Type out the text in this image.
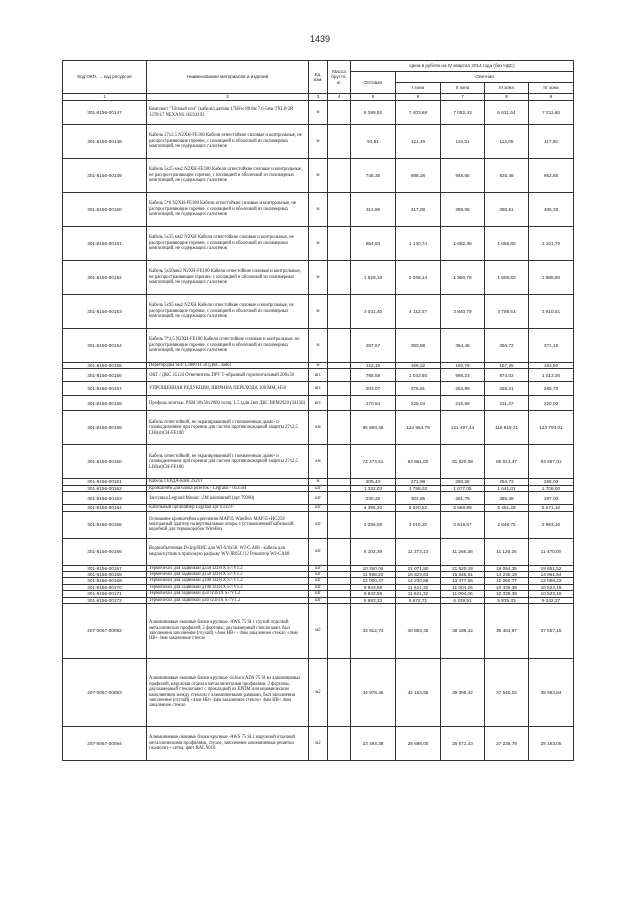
1439
Код ОКП, ... код ресурсов	Наименование материалов и изделий	Ед. изм.	Масса брутто, кг	Цена в рублях на IV квартал 2014 года (без НДС)				
				Оптовая	Сметная			
					I зона	II зона	III зона	IV зона
1	2	3	4	5	6	7	8	9
301-8156-00147	Комплект "Тёплый пол" (кабель) датчик 17BFw 80.8м 7.6-5мм TXLP/2R 1370/17 NEXANS 10224193	м		5 399,92	7 403,69	7 092,43	6 631,54	7 211,60
301-8156-00148	Кабель 27х2.5 N2XH-FE180 Кабели огнестойкие силовые и контрольные, не распространяющие горение, с изоляцией и оболочкой из полимерных композиций, не содержащих галогенов	м		93,91	121,49	115,31	112,05	117,60
301-8156-00149	Кабель 5х25 мм2 N2XH-FE180 Кабели огнестойкие силовые и контрольные, не распространяющие горение, с изоляцией и оболочкой из полимерных композиций, не содержащих галогенов	м		746,36	988,28	945,65	925,48	962,80
301-8156-00150	Кабель 5*6 N2XH-FE180 Кабели огнестойкие силовые и контрольные, не распространяющие горение, с изоляцией и оболочкой из полимерных композиций, не содержащих галогенов	м		314,86	417,09	399,06	390,51	406,30
301-8156-00151	Кабель 5х35 мм2 N2XH Кабели огнестойкие силовые и контрольные, не распространяющие горение, с изоляцией и оболочкой из полимерных композиций, не содержащих галогенов	м		854,93	1 130,74	1 082,36	1 058,80	1 101,70
301-8156-00152	Кабель 5х50мм2 N2XH-FE180 Кабели огнестойкие силовые и контрольные, не распространяющие горение, с изоляцией и оболочкой из полимерных композиций, не содержащих галогенов	м		1 529,18	2 038,14	1 950,79	1 908,83	1 985,80
301-8156-00153	Кабель 5х95 мм2 N2XH Кабели огнестойкие силовые и контрольные, не распространяющие горение, с изоляцией и оболочкой из полимерных композиций, не содержащих галогенов	м		3 031,40	4 112,37	3 840,79	3 759,51	3 910,51
301-8156-00154	Кабель 7*2,5 N2XH-FE180 Кабели огнестойкие силовые и контрольные, не распространяющие горение, с изоляцией и оболочкой из полимерных композиций, не содержащих галогенов	м		287,67	380,88	364,48	356,72	371,10
301-8156-00155	Перегородка SEP L3000 H 50 (ДКС 3ad6)	м		122,15	168,22	160,78	157,25	163,90
301-8156-00156	ОКГ / ДКС 35124 Ответвитель DPT Т-образный горизонтальный 200х50	шт.		785,59	1 043,60	995,23	974,02	1 013,30
301-8156-00157	УПРОЩЕННАЯ РЕДУКЦИЯ, ШИРИНА ПЕРЕХОДА 100 MM, H50	шт.		203,07	276,81	264,89	259,21	269,70
301-8156-00158	Профиль монтаж. PSM 30х50х2000 толщ. 1.5 (для 2мп ДКС BPM2920 (3413il)	шт.		170,54	225,04	216,69	211,47	220,00
301-8156-00159	Кабель огнестойкий, не экранированный с пониженным дымо- и газовыделением при горении для систем противопожарной защиты 27х2,5 LIH(st)CH-FE180	км		95 893,46	124 963,79	121 497,44	118 919,31	123 793,01
301-8156-00160	Кабель огнестойкий, не экранированный с пониженным дымо- и газовыделением при горении для систем противопожарной защиты 27х2,5 LIH(st)CH-FE180	км		72 473,51	93 951,00	91 820,08	89 813,47	93 487,01
301-8156-00161	Кабель ГЕРДА-КВК 2х2х1	м		205,43	271,98	260,28	254,73	265,00
301-8156-00162	Кронштейн для блока розеток - Legrand - 053594	шт		1 332,03	1 759,02	1 677,05	1 641,01	1 708,00
301-8156-00163	Заглушка Legrand Mosaic -2M алюминий (арт 79280)	шт		230,25	304,85	291,79	285,49	297,00
301-8156-00164	Кабельный органайзер Legrand арт 033597	шт		4 396,20	5 820,52	5 569,99	5 451,29	5 671,10
301-8156-00165	Основание кронштейна крепления MAP35 WireBox MAP35+HG258 монтажный адаптер на вертикальные опоры с установленной кабельной коробкой для термокоробок WireBox	шт		2 296,58	3 015,20	2 919,57	2 848,75	2 963,10
301-8156-00166	Водоизбыточная D-ring/ВНС для WJ-S/6x50. WJ-C.А68 - кабель для медиаспутник в прихожую разрыву WV-JR65C/12 Ремонтор WJ-CA68	шт		8 102,39	11 373,13	11 266,28	11 126,26	11 470,00
301-8156-00167	Термочехол для задвижки д250 IZIFIX S7/V1.2	шт		10 260,06	21 071,80	21 520,19	19 094,35	19 651,52
301-8156-00168	Термочехол для задвижки д150 IZIFIX S7/V1.2	шт		11 998,20	15 523,63	15 645,51	14 236,19	14 961,54
301-8156-00169	Термочехол для задвижки д100 IZIFIX S7/V1.2	шт		12 000,47	14 230,86	13 477,56	12 260,77	12 098,22
301-8156-00170	Термочехол для задвижки д100 IZIFIX S7/V1.2	шт		9 843,59	11 621,32	11 004,26	10 339,39	10 523,16
301-8156-00171	Термочехол для задвижки д50 IZIFIX S7/V1.2	шт		9 843,59	11 621,32	11 004,26	10 339,39	10 523,16
301-8156-00172	Термочехол для задвижки д40 IZIFIX S7/V1.2	шт		5 683,32	6 672,71	6 339,51	5 835,33	6 042,27
207-0067-00092	Алюминиевые оконные блоки крупные -AWS 75 SI с глухой отделкой металлических профилей, 2 фортоны, двухкамерный стеклопакет. был заполнения заполнение (глухой) +4мм НВ+ - 4мм закаленное стекло +4мм НВ+ 4мм закаленное стекло	м2		33 912,74	40 853,45	38 185,42	36 404,97	37 567,15
207-0067-00093	Алюминиевые оконные блоки крупные -Schuco ADS 75 SI из алюминиевых профилей, наружная отделка металлическими профилями, 2 фортоны, двухкамерный стеклопакет с прокладкой из EPDM или керамическим наполнением между стеклом с алюминиевыми рамками, был заполнения заполнение (глухой) +4мм НВ+ 4мм закаленное стекло+ 4мм НВ+ 4мм закаленное стекло	м2		34 978,46	42 153,55	39 395,42	37 540,02	38 683,84
207-0067-00094	Алюминиевые оконные блоки крупные -AWS 75 SI с наружной отделкой металлическими профилями, глухое, заполнение алюминиевые решетки (жалюзи) + сетка, цвет RAL 9016	м2		23 494,38	28 698,00	28 671,43	27 238,79	28 163,05
